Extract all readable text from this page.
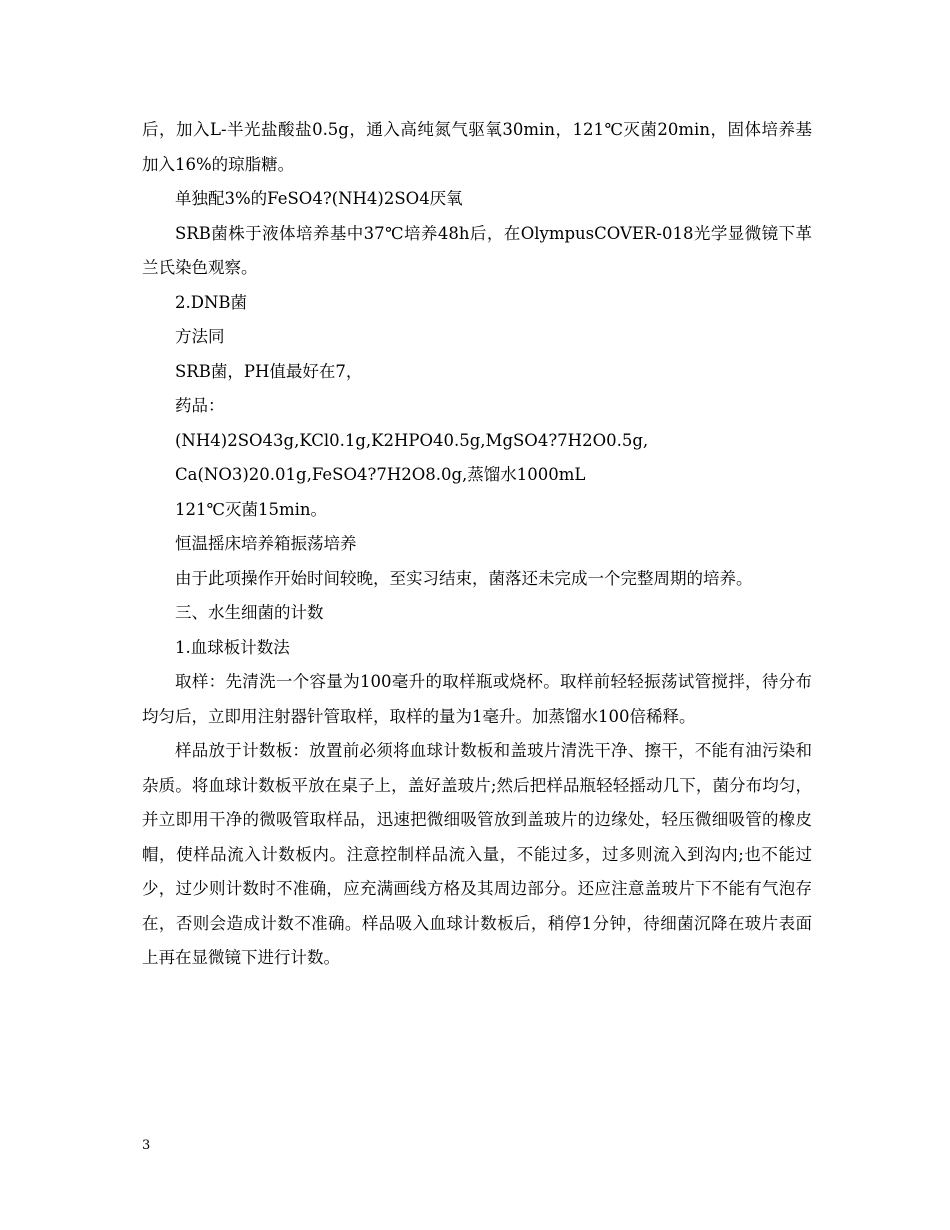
后，加入L-半光盐酸盐0.5g，通入高纯氮气驱氧30min，121℃灭菌20min，固体培养基加入16%的琼脂糖。

单独配3%的FeSO4?(NH4)2SO4厌氧

SRB菌株于液体培养基中37℃培养48h后，在OlympusCOVER-018光学显微镜下革兰氏染色观察。

2.DNB菌

方法同

SRB菌，PH值最好在7，

药品：

(NH4)2SO43g,KCl0.1g,K2HPO40.5g,MgSO4?7H2O0.5g,

Ca(NO3)20.01g,FeSO4?7H2O8.0g,蒸馏水1000mL

121℃灭菌15min。

恒温摇床培养箱振荡培养

由于此项操作开始时间较晚，至实习结束，菌落还未完成一个完整周期的培养。

三、水生细菌的计数

1.血球板计数法

取样：先清洗一个容量为100毫升的取样瓶或烧杯。取样前轻轻振荡试管搅拌，待分布均匀后，立即用注射器针管取样，取样的量为1毫升。加蒸馏水100倍稀释。

样品放于计数板：放置前必须将血球计数板和盖玻片清洗干净、擦干，不能有油污染和杂质。将血球计数板平放在桌子上，盖好盖玻片;然后把样品瓶轻轻摇动几下，菌分布均匀，并立即用干净的微吸管取样品，迅速把微细吸管放到盖玻片的边缘处，轻压微细吸管的橡皮帽，使样品流入计数板内。注意控制样品流入量，不能过多，过多则流入到沟内;也不能过少，过少则计数时不准确，应充满画线方格及其周边部分。还应注意盖玻片下不能有气泡存在，否则会造成计数不准确。样品吸入血球计数板后，稍停1分钟，待细菌沉降在玻片表面上再在显微镜下进行计数。

3
